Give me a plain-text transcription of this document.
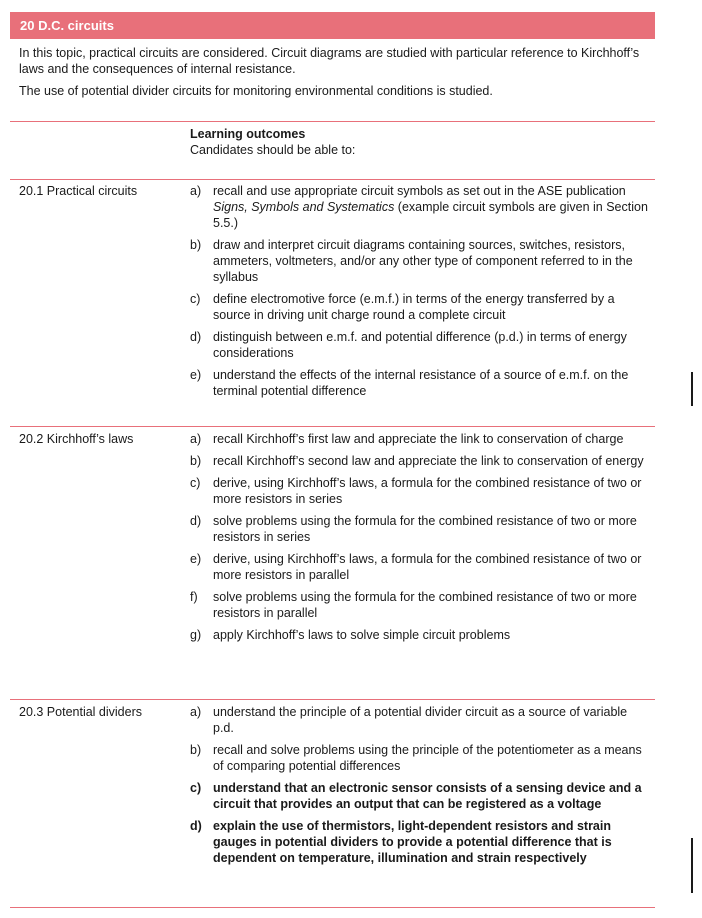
20 D.C. circuits

In this topic, practical circuits are considered. Circuit diagrams are studied with particular reference to Kirchhoff’s laws and the consequences of internal resistance.

The use of potential divider circuits for monitoring environmental conditions is studied.

Learning outcomes
Candidates should be able to:
20.1 Practical circuits	a) recall and use appropriate circuit symbols as set out in the ASE publication Signs, Symbols and Systematics (example circuit symbols are given in Section 5.5.)
b) draw and interpret circuit diagrams containing sources, switches, resistors, ammeters, voltmeters, and/or any other type of component referred to in the syllabus
c)	define electromotive force (e.m.f.) in terms of the energy transferred by a source in driving unit charge round a complete circuit
d) distinguish between e.m.f. and potential difference (p.d.) in terms of energy considerations
e) understand the effects of the internal resistance of a source of e.m.f. on the terminal potential difference
20.2 Kirchhoff’s laws	a) recall Kirchhoff’s first law and appreciate the link to conservation of charge
b) recall Kirchhoff’s second law and appreciate the link to conservation of energy
c)	derive, using Kirchhoff’s laws, a formula for the combined resistance of two or more resistors in series
d) solve problems using the formula for the combined resistance of two or more resistors in series
e) derive, using Kirchhoff’s laws, a formula for the combined resistance of two or more resistors in parallel
f)	solve problems using the formula for the combined resistance of two or more resistors in parallel
g) apply Kirchhoff’s laws to solve simple circuit problems
20.3 Potential dividers	a) understand the principle of a potential divider circuit as a source of variable p.d.
b) recall and solve problems using the principle of the potentiometer as a means of comparing potential differences
c) understand that an electronic sensor consists of a sensing device and a circuit that provides an output that can be registered as a voltage
d) explain the use of thermistors, light-dependent resistors and strain gauges in potential dividers to provide a potential difference that is dependent on temperature, illumination and strain respectively
